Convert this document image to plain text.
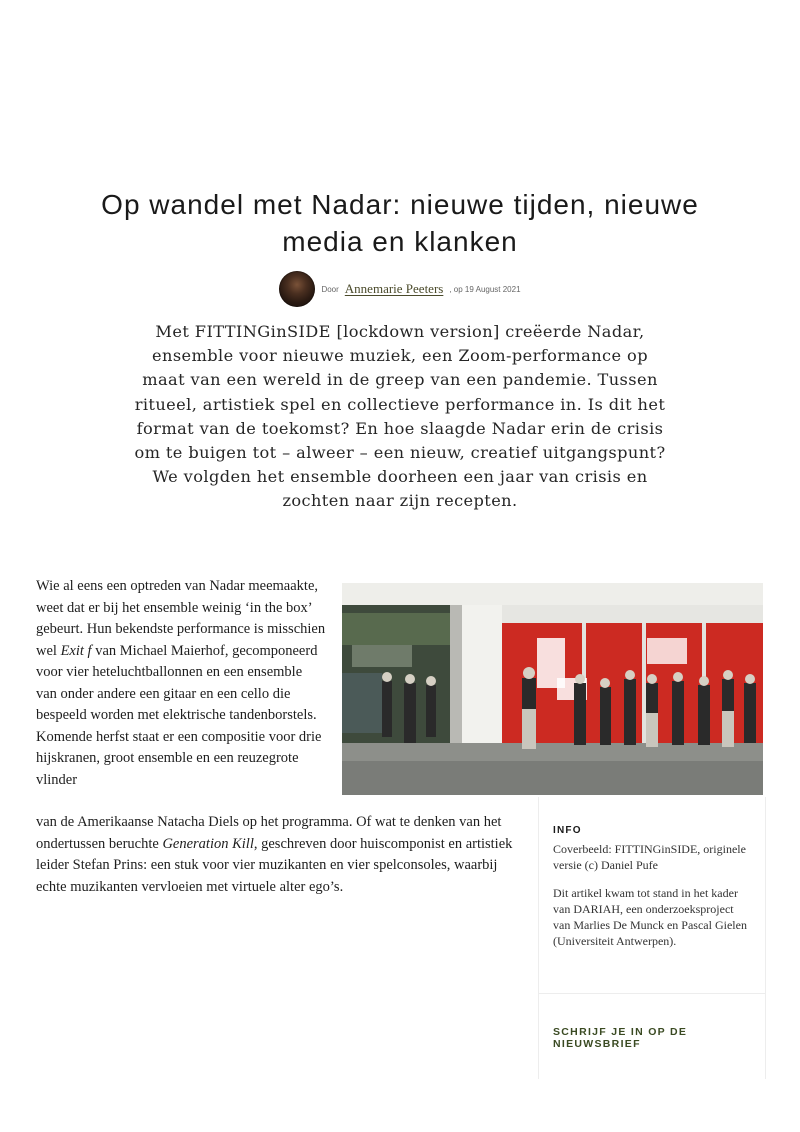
Op wandel met Nadar: nieuwe tijden, nieuwe media en klanken
Door Annemarie Peeters , op 19 August 2021

Met FITTINGinSIDE [lockdown version] creëerde Nadar, ensemble voor nieuwe muziek, een Zoom-performance op maat van een wereld in de greep van een pandemie. Tussen ritueel, artistiek spel en collectieve performance in. Is dit het format van de toekomst? En hoe slaagde Nadar erin de crisis om te buigen tot – alweer – een nieuw, creatief uitgangspunt? We volgden het ensemble doorheen een jaar van crisis en zochten naar zijn recepten.

Wie al eens een optreden van Nadar meemaakte, weet dat er bij het ensemble weinig ‘in the box’ gebeurt. Hun bekendste performance is misschien wel Exit f van Michael Maierhof, gecomponeerd voor vier heteluchtballonnen en een ensemble van onder andere een gitaar en een cello die bespeeld worden met elektrische tandenborstels. Komende herfst staat er een compositie voor drie hijskranen, groot ensemble en een reuzegrote vlinder

van de Amerikaanse Natacha Diels op het programma. Of wat te denken van het ondertussen beruchte Generation Kill, geschreven door huiscomponist en artistiek leider Stefan Prins: een stuk voor vier muzikanten en vier spelconsoles, waarbij echte muzikanten vervloeien met virtuele alter ego’s.

INFO

Coverbeeld: FITTINGinSIDE, originele versie (c) Daniel Pufe

Dit artikel kwam tot stand in het kader van DARIAH, een onderzoeksproject van Marlies De Munck en Pascal Gielen (Universiteit Antwerpen).

SCHRIJF JE IN OP DE NIEUWSBRIEF
